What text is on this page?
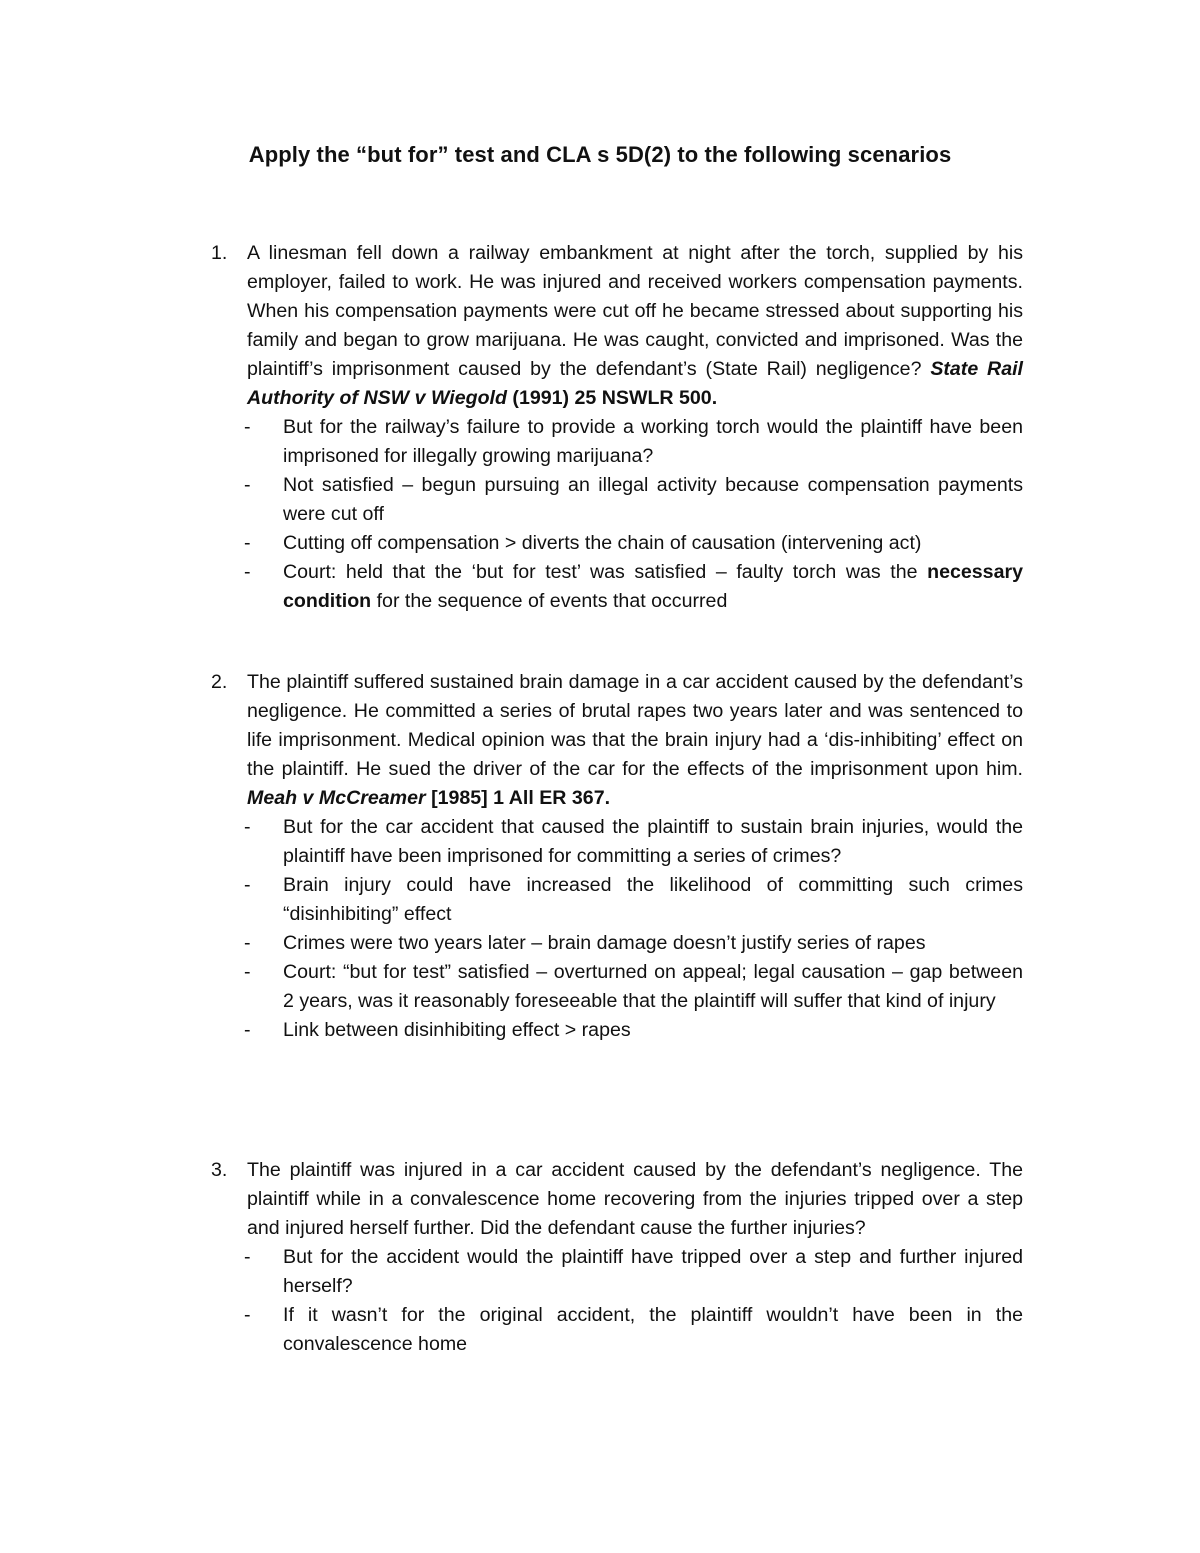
Apply the “but for” test and CLA s 5D(2) to the following scenarios
1.	A linesman fell down a railway embankment at night after the torch, supplied by his employer, failed to work. He was injured and received workers compensation payments. When his compensation payments were cut off he became stressed about supporting his family and began to grow marijuana. He was caught, convicted and imprisoned. Was the plaintiff’s imprisonment caused by the defendant’s (State Rail) negligence? State Rail Authority of NSW v Wiegold (1991) 25 NSWLR 500.
- But for the railway’s failure to provide a working torch would the plaintiff have been imprisoned for illegally growing marijuana?
- Not satisfied – begun pursuing an illegal activity because compensation payments were cut off
- Cutting off compensation > diverts the chain of causation (intervening act)
- Court: held that the ‘but for test’ was satisfied – faulty torch was the necessary condition for the sequence of events that occurred
2.	The plaintiff suffered sustained brain damage in a car accident caused by the defendant’s negligence. He committed a series of brutal rapes two years later and was sentenced to life imprisonment. Medical opinion was that the brain injury had a ‘dis-inhibiting’ effect on the plaintiff. He sued the driver of the car for the effects of the imprisonment upon him. Meah v McCreamer [1985] 1 All ER 367.
- But for the car accident that caused the plaintiff to sustain brain injuries, would the plaintiff have been imprisoned for committing a series of crimes?
- Brain injury could have increased the likelihood of committing such crimes “disinhibiting” effect
- Crimes were two years later – brain damage doesn’t justify series of rapes
- Court: “but for test” satisfied – overturned on appeal; legal causation – gap between 2 years, was it reasonably foreseeable that the plaintiff will suffer that kind of injury
- Link between disinhibiting effect > rapes
3.	The plaintiff was injured in a car accident caused by the defendant’s negligence. The plaintiff while in a convalescence home recovering from the injuries tripped over a step and injured herself further. Did the defendant cause the further injuries?
- But for the accident would the plaintiff have tripped over a step and further injured herself?
- If it wasn’t for the original accident, the plaintiff wouldn’t have been in the convalescence home
